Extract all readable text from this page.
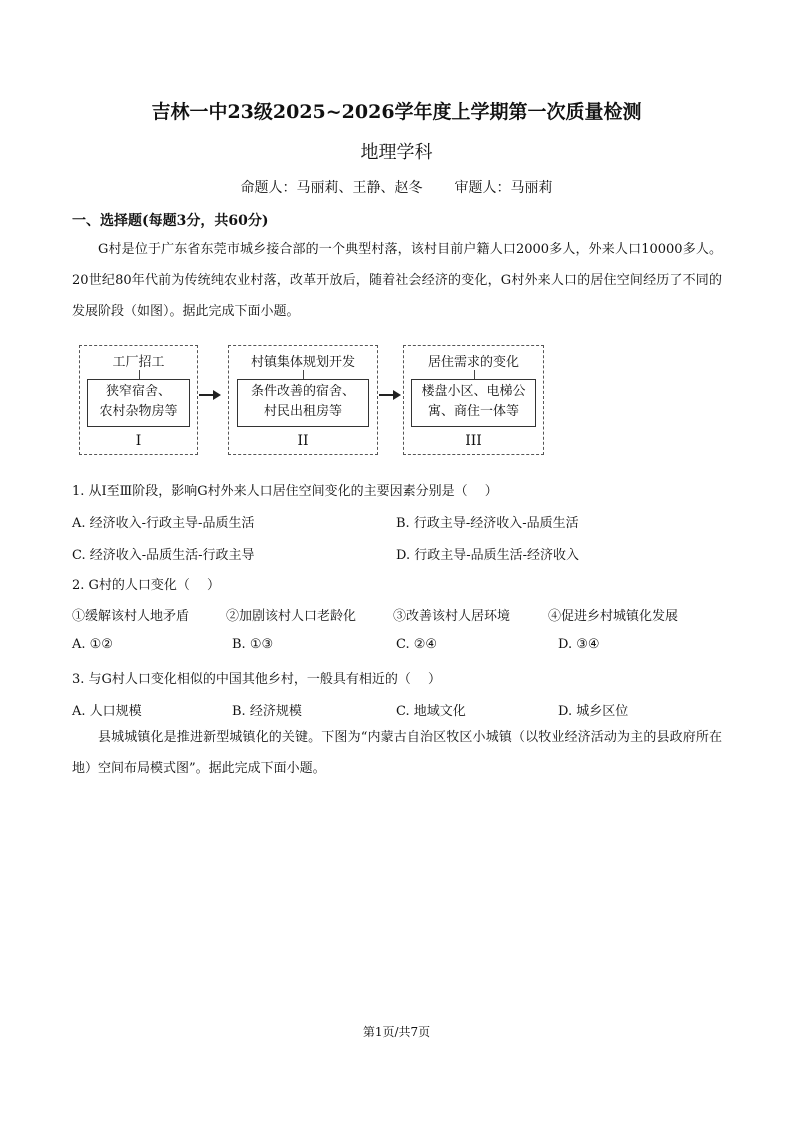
吉林一中23级2025~2026学年度上学期第一次质量检测
地理学科
命题人：马丽莉、王静、赵冬 审题人：马丽莉
一、选择题(每题3分，共60分)
G村是位于广东省东莞市城乡接合部的一个典型村落，该村目前户籍人口2000多人，外来人口10000多人。20世纪80年代前为传统纯农业村落，改革开放后，随着社会经济的变化，G村外来人口的居住空间经历了不同的发展阶段（如图）。据此完成下面小题。
工厂招工
狭窄宿舍、
农村杂物房等
I
村镇集体规划开发
条件改善的宿舍、
村民出租房等
II
居住需求的变化
楼盘小区、电梯公
寓、商住一体等
III
1. 从Ⅰ至Ⅲ阶段，影响G村外来人口居住空间变化的主要因素分别是（　 ）
A. 经济收入-行政主导-品质生活	B. 行政主导-经济收入-品质生活
C. 经济收入-品质生活-行政主导	D. 行政主导-品质生活-经济收入
2. G村的人口变化（　 ）
①缓解该村人地矛盾	②加剧该村人口老龄化	③改善该村人居环境	④促进乡村城镇化发展
A. ①②	B. ①③	C. ②④	D. ③④
3. 与G村人口变化相似的中国其他乡村，一般具有相近的（　 ）
A. 人口规模	B. 经济规模	C. 地域文化	D. 城乡区位
县城城镇化是推进新型城镇化的关键。下图为“内蒙古自治区牧区小城镇（以牧业经济活动为主的县政府所在地）空间布局模式图”。据此完成下面小题。
第1页/共7页
